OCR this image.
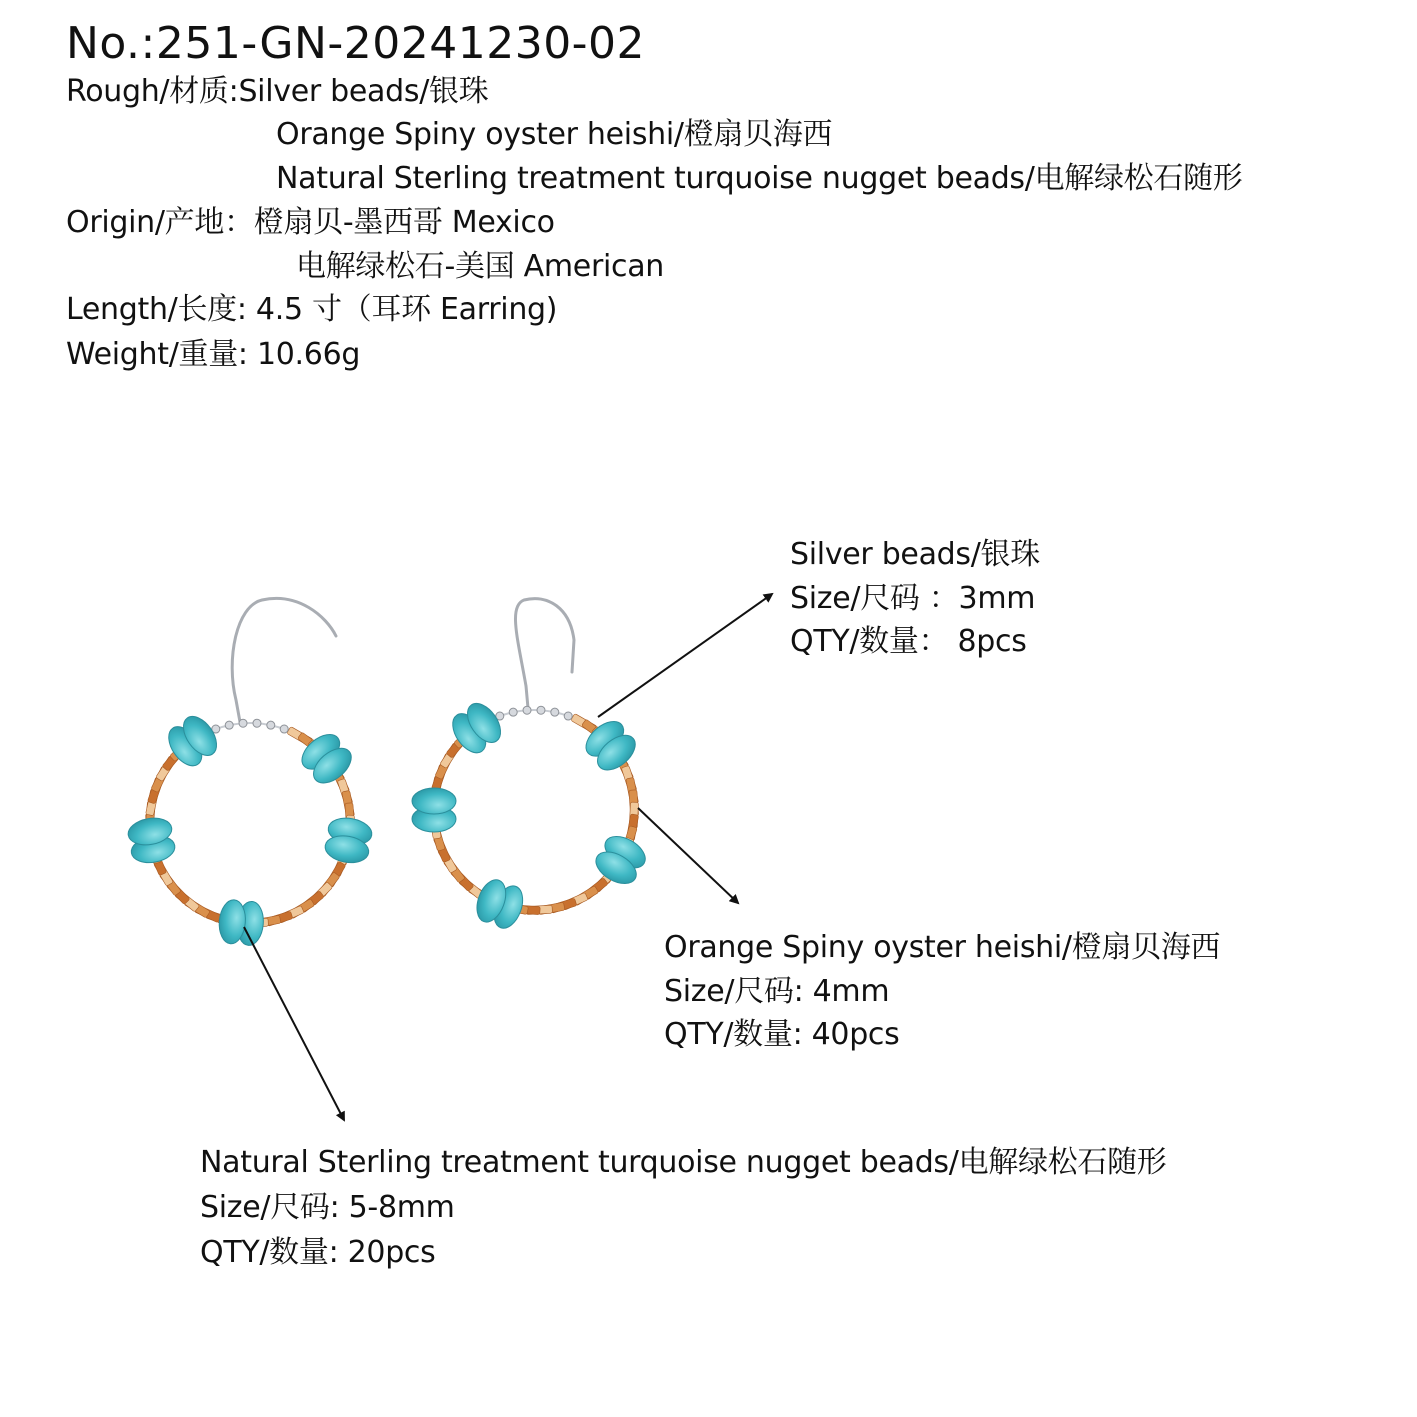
No.:251-GN-20241230-02
Rough/材质:Silver beads/银珠
Orange Spiny oyster heishi/橙扇贝海西
Natural Sterling treatment turquoise nugget beads/电解绿松石随形
Origin/产地：橙扇贝-墨西哥 Mexico
电解绿松石-美国 American
Length/长度: 4.5 寸（耳环 Earring)
Weight/重量: 10.66g
Silver beads/银珠
Size/尺码 ：3mm
QTY/数量： 8pcs
Orange Spiny oyster heishi/橙扇贝海西
Size/尺码: 4mm
QTY/数量: 40pcs
Natural Sterling treatment turquoise nugget beads/电解绿松石随形
Size/尺码: 5-8mm
QTY/数量: 20pcs
